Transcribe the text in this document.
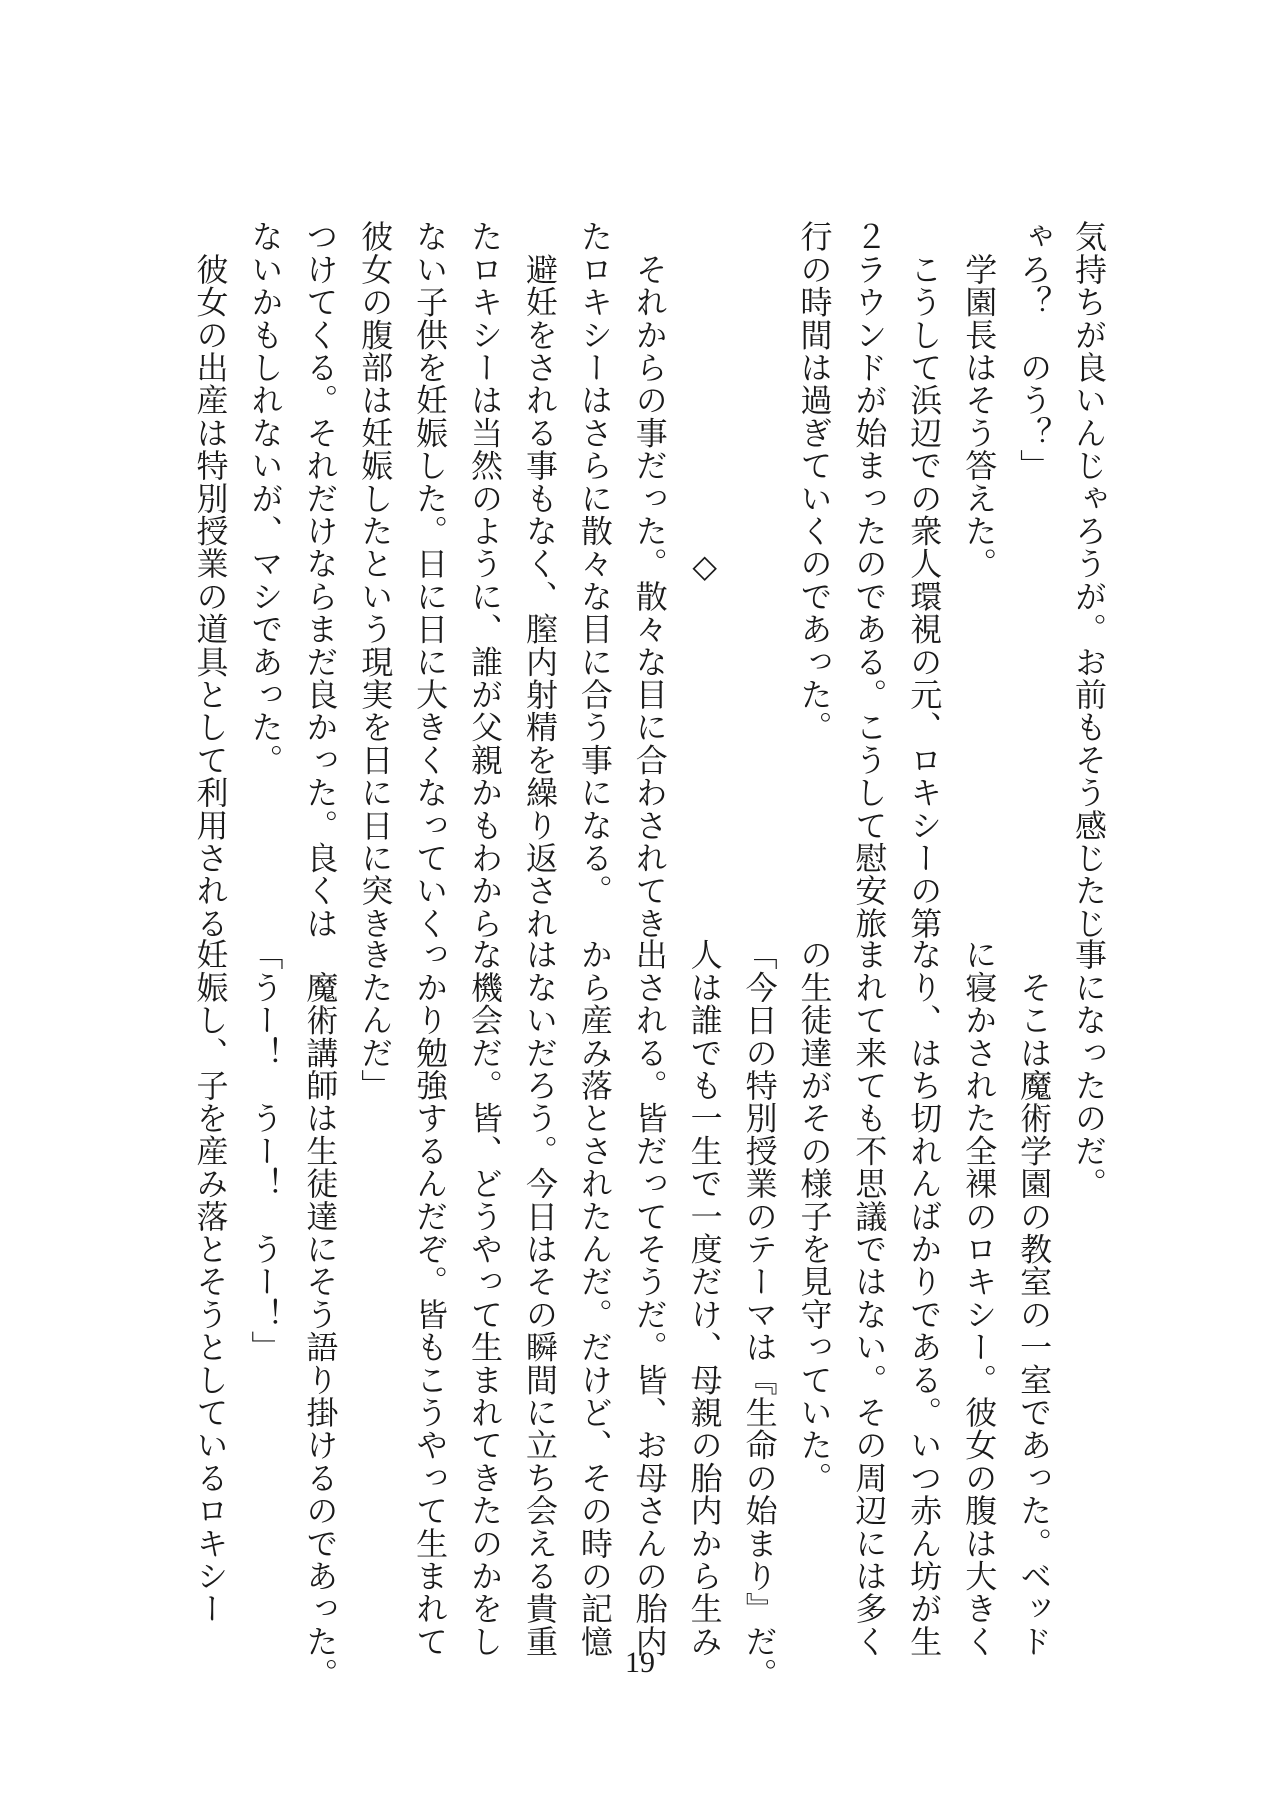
気持ちが良いんじゃろうが。お前もそう感じたじ

ゃろ？　のう？」

　学園長はそう答えた。

　こうして浜辺での衆人環視の元、ロキシーの第

２ラウンドが始まったのである。こうして慰安旅

行の時間は過ぎていくのであった。

　　　　　　　　　　◇

　それからの事だった。散々な目に合わされてき

たロキシーはさらに散々な目に合う事になる。

　避妊をされる事もなく、膣内射精を繰り返され

たロキシーは当然のように、誰が父親かもわから

ない子供を妊娠した。日に日に大きくなっていく

彼女の腹部は妊娠したという現実を日に日に突き

つけてくる。それだけならまだ良かった。良くは

ないかもしれないが、マシであった。

　彼女の出産は特別授業の道具として利用される

事になったのだ。

　そこは魔術学園の教室の一室であった。ベッド

に寝かされた全裸のロキシー。彼女の腹は大きく

なり、はち切れんばかりである。いつ赤ん坊が生

まれて来ても不思議ではない。その周辺には多く

の生徒達がその様子を見守っていた。

「今日の特別授業のテーマは『生命の始まり』だ。

人は誰でも一生で一度だけ、母親の胎内から生み

出される。皆だってそうだ。皆、お母さんの胎内

から産み落とされたんだ。だけど、その時の記憶

はないだろう。今日はその瞬間に立ち会える貴重

な機会だ。皆、どうやって生まれてきたのかをし

っかり勉強するんだぞ。皆もこうやって生まれて

きたんだ」

　魔術講師は生徒達にそう語り掛けるのであった。

「うー！　うー！　うー！」

妊娠し、子を産み落とそうとしているロキシー

19
